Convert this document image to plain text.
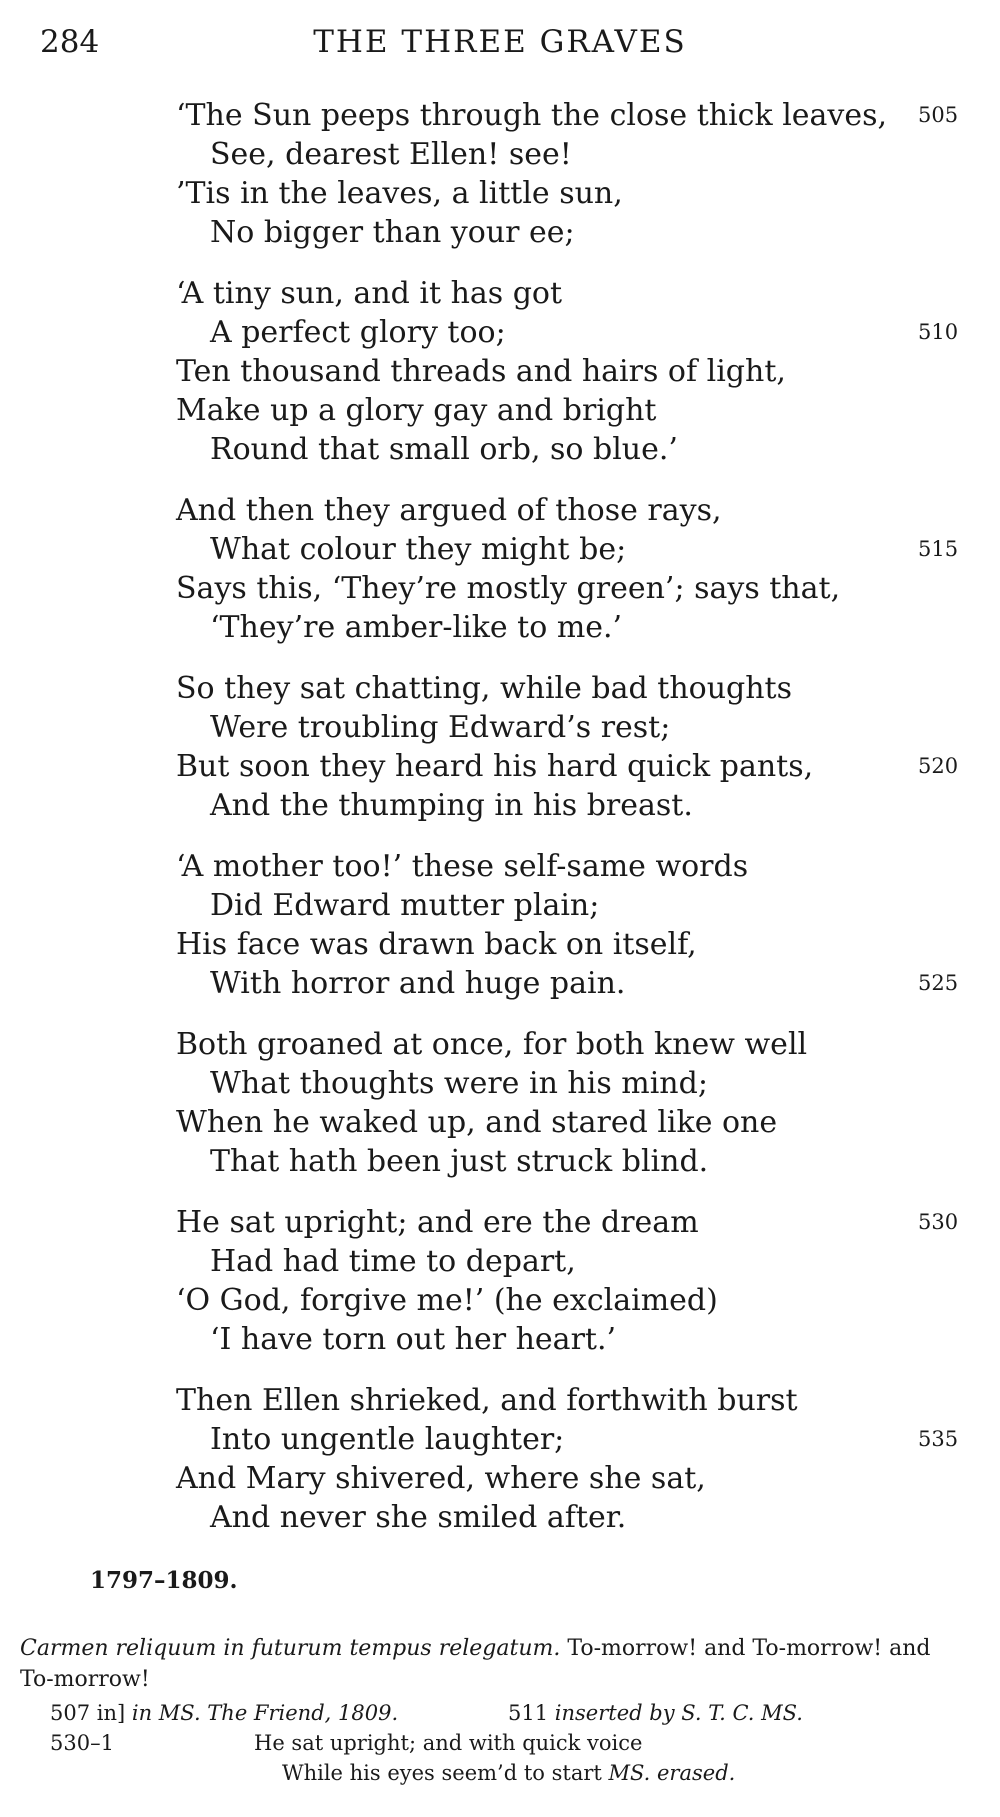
284	THE THREE GRAVES
‘The Sun peeps through the close thick leaves, 505
See, dearest Ellen! see!
’Tis in the leaves, a little sun,
No bigger than your ee;
‘A tiny sun, and it has got
A perfect glory too;	510
Ten thousand threads and hairs of light,
Make up a glory gay and bright
Round that small orb, so blue.’
And then they argued of those rays,
What colour they might be;	515
Says this, ‘They’re mostly green’; says that,
‘They’re amber-like to me.’
So they sat chatting, while bad thoughts
Were troubling Edward’s rest;
But soon they heard his hard quick pants,	520
And the thumping in his breast.
‘A mother too!’ these self-same words
Did Edward mutter plain;
His face was drawn back on itself,
With horror and huge pain.	525
Both groaned at once, for both knew well
What thoughts were in his mind;
When he waked up, and stared like one
That hath been just struck blind.
He sat upright; and ere the dream	530
Had had time to depart,
‘O God, forgive me!’ (he exclaimed)
‘I have torn out her heart.’
Then Ellen shrieked, and forthwith burst
Into ungentle laughter;	535
And Mary shivered, where she sat,
And never she smiled after.
1797–1809.
Carmen reliquum in futurum tempus relegatum. To-morrow! and To-morrow! and To-morrow!
507 in] in MS. The Friend, 1809.	511 inserted by S. T. C. MS.
530–1	He sat upright; and with quick voice
While his eyes seem’d to start MS. erased.
